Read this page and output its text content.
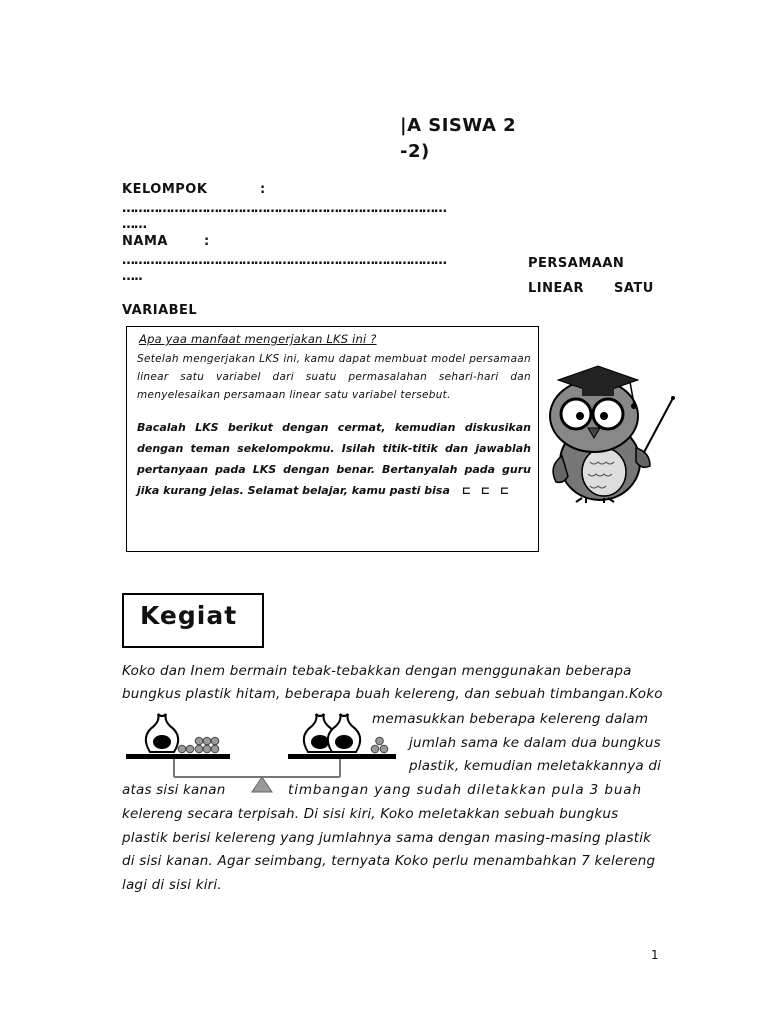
|A SISWA 2
-2)
KELOMPOK	:
………………………………………………………………………
……
NAMA	:
………………………………………………………………………
…..
PERSAMAAN
LINEAR SATU
VARIABEL
Apa yaa manfaat mengerjakan LKS ini ?
Setelah mengerjakan LKS ini, kamu dapat membuat model persamaan linear satu variabel dari suatu permasalahan sehari-hari dan menyelesaikan persamaan linear satu variabel tersebut.
Bacalah LKS berikut dengan cermat, kemudian diskusikan dengan teman sekelompokmu. Isilah titik-titik dan jawablah pertanyaan pada LKS dengan benar. Bertanyalah pada guru jika kurang jelas. Selamat belajar, kamu pasti bisa ⊏ ⊏ ⊏
Kegiat
Koko dan Inem bermain tebak-tebakkan dengan menggunakan beberapa
bungkus plastik hitam, beberapa buah kelereng, dan sebuah timbangan.Koko
memasukkan beberapa kelereng dalam
jumlah sama ke dalam dua bungkus
plastik, kemudian meletakkannya di
atas sisi kanan	timbangan yang sudah diletakkan pula 3 buah
kelereng secara terpisah. Di sisi kiri, Koko meletakkan sebuah bungkus
plastik berisi kelereng yang jumlahnya sama dengan masing-masing plastik
di sisi kanan. Agar seimbang, ternyata Koko perlu menambahkan 7 kelereng
lagi di sisi kiri.
1
